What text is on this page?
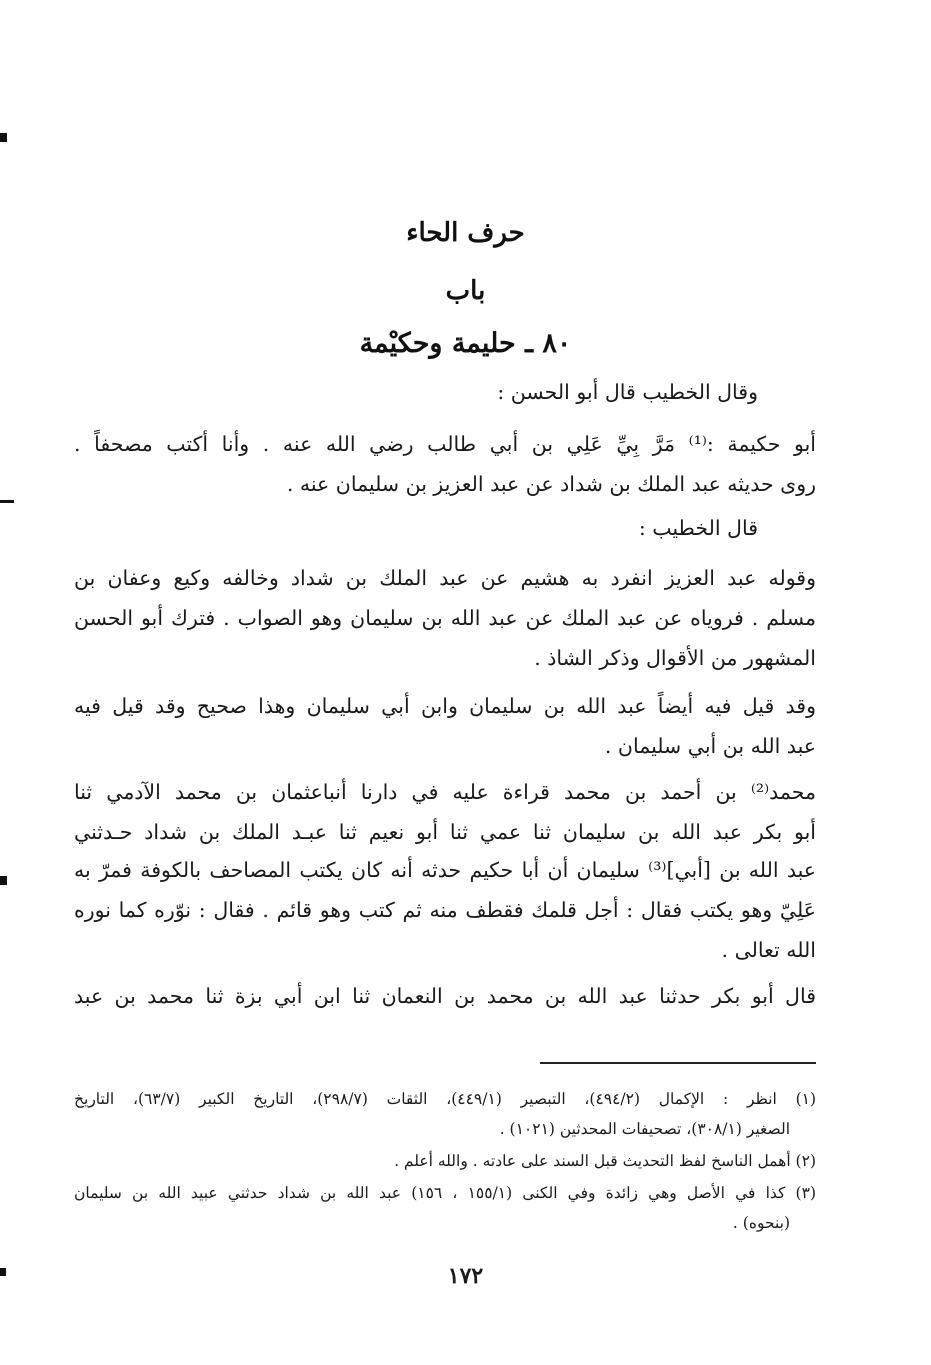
حرف الحاء
باب
٨٠ ـ حليمة وحكيْمة
وقال الخطيب قال أبو الحسن :
أبو حكيمة :⁽¹⁾ مَرَّ بِيِّ عَلِي بن أبي طالب رضي الله عنه . وأنا أكتب مصحفاً .
روى حديثه عبد الملك بن شداد عن عبد العزيز بن سليمان عنه .
قال الخطيب :
وقوله عبد العزيز انفرد به هشيم عن عبد الملك بن شداد وخالفه وكيع وعفان بن
مسلم . فروياه عن عبد الملك عن عبد الله بن سليمان وهو الصواب . فترك أبو الحسن
المشهور من الأقوال وذكر الشاذ .
وقد قيل فيه أيضاً عبد الله بن سليمان وابن أبي سليمان وهذا صحيح وقد قيل فيه
عبد الله بن أبي سليمان .
محمد⁽²⁾ بن أحمد بن محمد قراءة عليه في دارنا أنباعثمان بن محمد الآدمي ثنا
أبو بكر عبد الله بن سليمان ثنا عمي ثنا أبو نعيم ثنا عبـد الملك بن شداد حـدثني
عبد الله بن [أبي]⁽³⁾ سليمان أن أبا حكيم حدثه أنه كان يكتب المصاحف بالكوفة فمرّ به
عَلِيّ وهو يكتب فقال : أجل قلمك فقطف منه ثم كتب وهو قائم . فقال : نوّره كما نوره
الله تعالى .
قال أبو بكر حدثنا عبد الله بن محمد بن النعمان ثنا ابن أبي بزة ثنا محمد بن عبد
(١) انظر : الإكمال (٤٩٤/٢)، التبصير (٤٤٩/١)، الثقات (٢٩٨/٧)، التاريخ الكبير (٦٣/٧)، التاريخ
الصغير (٣٠٨/١)، تصحيفات المحدثين (١٠٢١) .
(٢) أهمل الناسخ لفظ التحديث قبل السند على عادته . والله أعلم .
(٣) كذا في الأصل وهي زائدة وفي الكنى (١٥٥/١ ، ١٥٦) عبد الله بن شداد حدثني عبيد الله بن سليمان
(بنحوه) .
١٧٢
